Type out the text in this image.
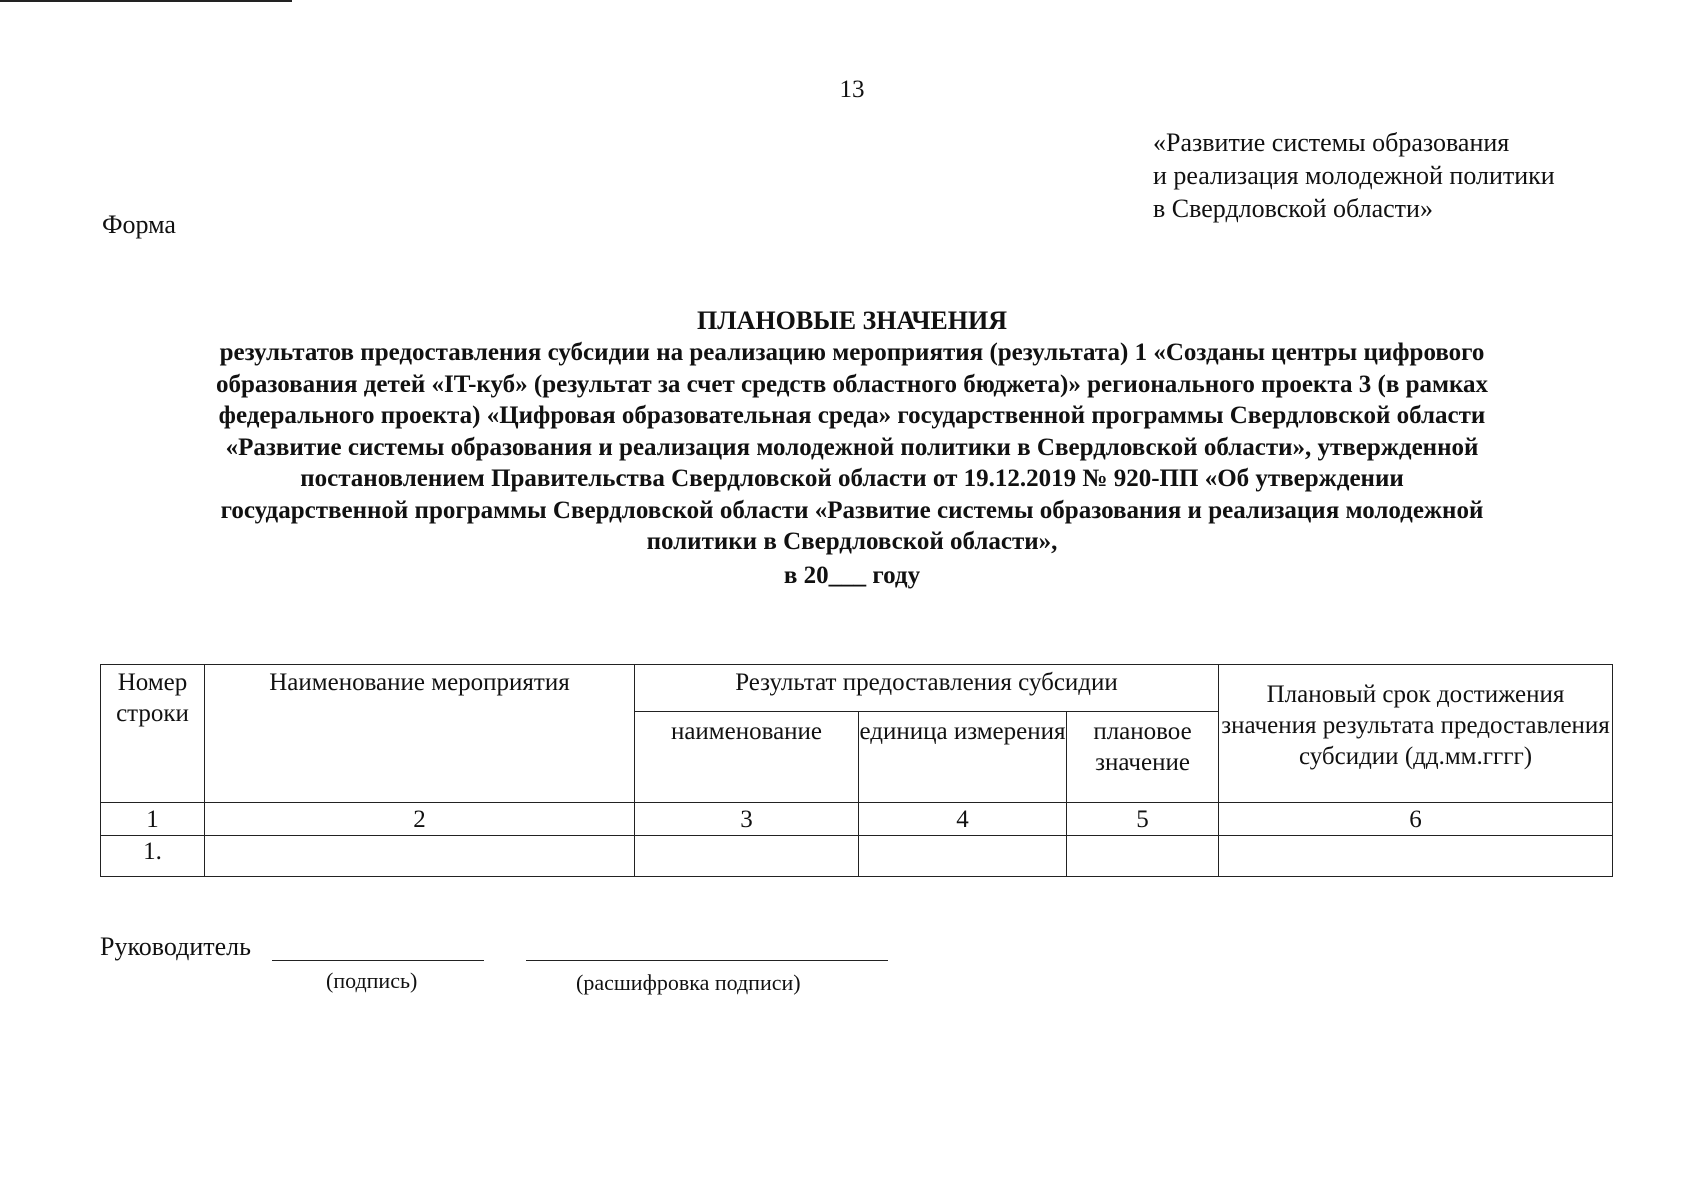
13
«Развитие системы образования
и реализация молодежной политики
в Свердловской области»
Форма
ПЛАНОВЫЕ ЗНАЧЕНИЯ
результатов предоставления субсидии на реализацию мероприятия (результата) 1 «Созданы центры цифрового
образования детей «IT-куб» (результат за счет средств областного бюджета)» регионального проекта 3 (в рамках
федерального проекта) «Цифровая образовательная среда» государственной программы Свердловской области
«Развитие системы образования и реализация молодежной политики в Свердловской области», утвержденной
постановлением Правительства Свердловской области от 19.12.2019 № 920-ПП «Об утверждении
государственной программы Свердловской области «Развитие системы образования и реализация молодежной
политики в Свердловской области»,
в 20___ году
Номер строки	Наименование мероприятия	Результат предоставления субсидии			Плановый срок достижения значения результата предоставления субсидии (дд.мм.гггг)
		наименование	единица измерения	плановое значение	
1	2	3	4	5	6
1.					
Руководитель
(подпись)	(расшифровка подписи)
